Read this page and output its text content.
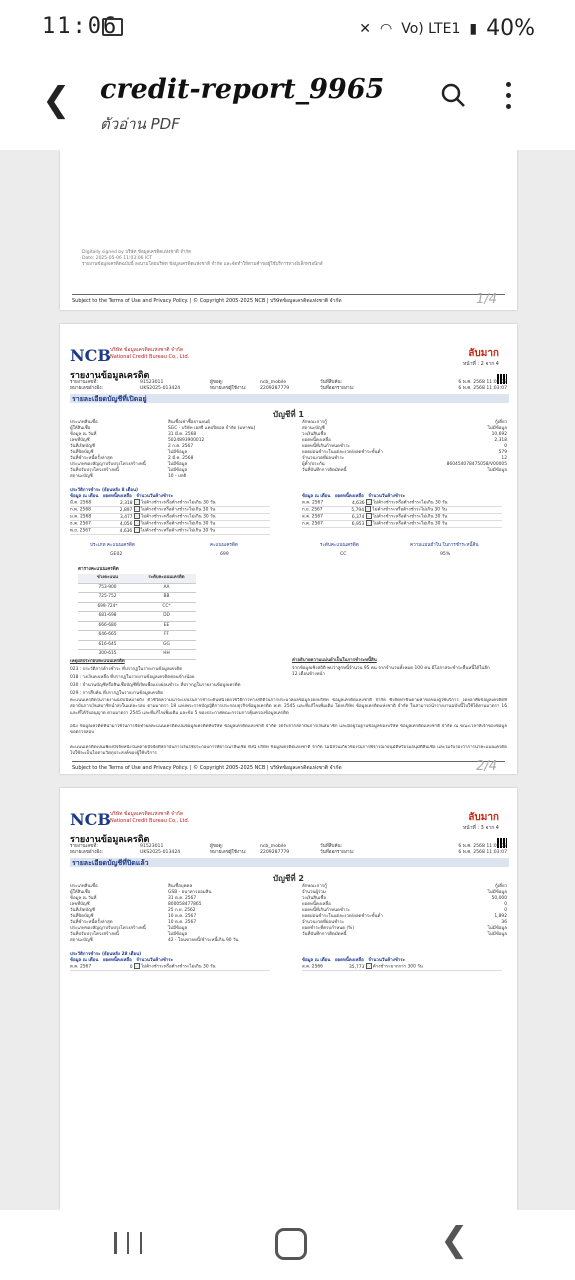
11:06	✕ ◠ Vo) LTE1 ▮ 40%
❮ credit-report_9965
ตัวอ่าน PDF
Digitally signed by บริษัท ข้อมูลเครดิตแห่งชาติ จำกัด
Date: 2025-05-06 11:03:06 ICT
รายงานข้อมูลเครดิตฉบับนี้ ลงนามโดยบริษัท ข้อมูลเครดิตแห่งชาติ จำกัด และจัดทำให้ตามคำขอผู้ใช้บริการทางอิเล็กทรอนิกส์
Subject to the Terms of Use and Privacy Policy. | © Copyright 2005-2025 NCB | บริษัทข้อมูลเครดิตแห่งชาติ จำกัด	1/4
NCB บริษัท ข้อมูลเครดิตแห่งชาติ จำกัด
National Credit Bureau Co., Ltd.	ลับมาก
หน้าที่ : 2 จาก 4
รายงานข้อมูลเครดิต
รายงานเลขที่:	91523011
หมายเลขอ้างอิง:	UKS2025-013424
ผู้ขอดู:	ncb_mobile
หมายเลขผู้ใช้งาน:	2209287779
วันที่สืบค้น:	6 พ.ค. 2568 11:03:07
วันที่ออกรายงาน:	6 พ.ค. 2568 11:03:07
รายละเอียดบัญชีที่เปิดอยู่
บัญชีที่ 1
ประเภทสินเชื่อ	สินเชื่อเช่าซื้อยานยนต์	ลักษณะการกู้	กู้เดี่ยว
ผู้ให้สินเชื่อ	SGC - บริษัท เอสจี แคปปิตอล จำกัด (มหาชน)	สถานะบัญชี	ไม่มีข้อมูล
ข้อมูล ณ วันที่	31 มี.ค. 2568	วงเงินสินเชื่อ	10,692
เลขที่บัญชี	5024893900012	ยอดหนี้คงเหลือ	2,318
วันที่เปิดบัญชี	2 ก.ค. 2567	ยอดหนี้ที่เกินกำหนดชำระ	0
วันที่ปิดบัญชี	ไม่มีข้อมูล	ยอดผ่อนชำระในแต่ละงวด/ยอดชำระขั้นต่ำ	579
วันที่ชำระหนี้ครั้งล่าสุด	2 มี.ค. 2568	จำนวนงวดที่ผ่อนชำระ	12
ประเภทของสัญญาปรับปรุงโครงสร้างหนี้	ไม่มีข้อมูล	ผู้ค้ำ/ประกัน	860454078475058/V00005
วันที่ปรับปรุงโครงสร้างหนี้	ไม่มีข้อมูล	วันที่บันทึกการติดมัดหนี้	ไม่มีข้อมูล
สถานะบัญชี	10 - ปกติ
ประวัติการชำระ (ย้อนหลัง 8 เดือน)
ข้อมูล ณ เดือน ยอดหนี้คงเหลือ จำนวนวันค้างชำระ	ข้อมูล ณ เดือน ยอดหนี้คงเหลือ จำนวนวันค้างชำระ
มี.ค. 2568	2,318 ไม่ค้างชำระหรือค้างชำระไม่เกิน 30 วัน
ก.พ. 2568	2,897 ไม่ค้างชำระหรือค้างชำระไม่เกิน 30 วัน
ม.ค. 2568	3,477 ไม่ค้างชำระหรือค้างชำระไม่เกิน 30 วัน
ธ.ค. 2567	4,056 ไม่ค้างชำระหรือค้างชำระไม่เกิน 30 วัน
พ.ย. 2567	4,636 ไม่ค้างชำระหรือค้างชำระไม่เกิน 30 วัน
ต.ค. 2567	4,636 ไม่ค้างชำระหรือค้างชำระไม่เกิน 30 วัน
ก.ย. 2567	5,794 ไม่ค้างชำระหรือค้างชำระไม่เกิน 30 วัน
ส.ค. 2567	6,374 ไม่ค้างชำระหรือค้างชำระไม่เกิน 30 วัน
ก.ค. 2567	6,953 ไม่ค้างชำระหรือค้างชำระไม่เกิน 30 วัน
ประเภท คะแนนเครดิต	คะแนนเครดิต	ระดับคะแนนเครดิต	ความแม่นยำใน ในการชำระหนี้สิน
GE02	699	CC	95%
ตารางคะแนนเครดิต
ช่วงคะแนน	ระดับคะแนนเครดิต
753-900	AA
725-752	BB
699-724*	CC*
681-698	DD
666-680	EE
646-665	FF
616-645	GG
300-615	HH
เหตุผลประกอบคะแนนเครดิต
023 : ประวัติการค้างชำระ ที่ปรากฏในรายงานข้อมูลเครดิต
018 : วงเงินคงเหลือ ที่ปรากฏในรายงานข้อมูลเครดิตค่อนข้างน้อย
030 : จำนวนบัญชีหรือสินเชื่อบัญชีที่เปิดเพื่อแบ่งผ่อนชำระ ที่ปรากฏในรายงานข้อมูลเครดิต
029 : การสืบค้น ที่ปรากฏในรายงานข้อมูลเครดิต
ค่าอธิบายความแม่นยำเป็นในการชำระหนี้สิน
จากข้อมูลเชิงสถิติ พบว่าลูกหนี้จำนวน 95 คน จากจำนวนทั้งหมด 100 คน มีโอกาสจะชำระคืนหนี้ได้ในอีก 12 เดือนข้างหน้า
คะแนนเครดิตในรายงานฉบับนี้หมายถึง ตัวชี้วัดความน่าจะเป็นในการชำระคืนหนี้โดยใช้วิธีการทางสถิติในการประมวลผลข้อมูลโดยบริษัท ข้อมูลเครดิตแห่งชาติ จำกัด ซึ่งจัดทำขึ้นตามคำขอของผู้ใช้บริการ โดยอาศัยข้อมูลเครดิตที่สถาบันการเงินสมาชิกนำส่งในแต่ละรอบ ตามมาตรา 18 แห่งพระราชบัญญัติการประกอบธุรกิจข้อมูลเครดิต พ.ศ. 2545 และที่แก้ไขเพิ่มเติม โดยบริษัท ข้อมูลเครดิตแห่งชาติ จำกัด ในสามารถนำรายงานฉบับนี้ไปใช้ได้ตามมาตรา 16 และที่ได้รับอนุญาต ตามมาตรา 2545 และที่แก้ไขเพิ่มเติม และข้อ 5 ของประกาศคณะกรรมการคุ้มครองข้อมูลเครดิต
อนึ่ง ข้อมูลเครดิตที่นำมาใช้ในการจัดทำผลคะแนนเครดิตเป็นข้อมูลเครดิตที่บริษัท ข้อมูลเครดิตแห่งชาติ จำกัด ได้รับจากสถาบันการเงินสมาชิก และมีอยู่ในฐานข้อมูลของบริษัท ข้อมูลเครดิตแห่งชาติ จำกัด ณ ขณะเวลาที่เจ้าของข้อมูลขอตรวจสอบ
คะแนนเครดิตเป็นเพียงปัจจัยหนึ่งในหลายปัจจัยที่สถาบันการเงินใช้ประกอบการพิจารณาสินเชื่อ ทั้งนี้ บริษัท ข้อมูลเครดิตแห่งชาติ จำกัด ไม่มีส่วนเกี่ยวข้องในการพิจารณาอนุมัติหรือไม่อนุมัติสินเชื่อ และไม่รับรองว่าการนำคะแนนเครดิตไปใช้จะเป็นไปตามวัตถุประสงค์ของผู้ใช้บริการ
Subject to the Terms of Use and Privacy Policy. | © Copyright 2005-2025 NCB | บริษัทข้อมูลเครดิตแห่งชาติ จำกัด	2/4
NCB บริษัท ข้อมูลเครดิตแห่งชาติ จำกัด
National Credit Bureau Co., Ltd.	ลับมาก
หน้าที่ : 3 จาก 4
รายงานข้อมูลเครดิต
รายงานเลขที่:	91523011
หมายเลขอ้างอิง:	UKS2025-013424
ผู้ขอดู:	ncb_mobile
หมายเลขผู้ใช้งาน:	2209287779
วันที่สืบค้น:	6 พ.ค. 2568 11:03:07
วันที่ออกรายงาน:	6 พ.ค. 2568 11:03:07
รายละเอียดบัญชีที่ปิดแล้ว
บัญชีที่ 2
ประเภทสินเชื่อ	สินเชื่อบุคคล	ลักษณะการกู้	กู้เดี่ยว
ผู้ให้สินเชื่อ	GSB - ธนาคารออมสิน	จำนวนผู้ร่วม	ไม่มีข้อมูล
ข้อมูล ณ วันที่	31 ต.ค. 2567	วงเงินสินเชื่อ	50,000
เลขที่บัญชี	800058477865	ยอดหนี้คงเหลือ	0
วันที่เปิดบัญชี	25 ก.ย. 2562	ยอดหนี้ที่เกินกำหนดชำระ	0
วันที่ปิดบัญชี	10 ต.ค. 2567	ยอดผ่อนชำระในแต่ละงวด/ยอดชำระขั้นต่ำ	1,892
วันที่ชำระหนี้ครั้งล่าสุด	10 ต.ค. 2567	จำนวนงวดที่ผ่อนชำระ	36
ประเภทของสัญญาปรับปรุงโครงสร้างหนี้	ไม่มีข้อมูล	ยอดชำระที่ครบกำหนด (%)	ไม่มีข้อมูล
วันที่ปรับปรุงโครงสร้างหนี้	ไม่มีข้อมูล	วันที่บันทึกการติดมัดหนี้	ไม่มีข้อมูล
สถานะบัญชี	42 - โอนขายหนี้/ชำระหนี้เกิน 90 วัน
ประวัติการชำระ (ย้อนหลัง 28 เดือน)
ข้อมูล ณ เดือน ยอดหนี้คงเหลือ จำนวนวันค้างชำระ	ข้อมูล ณ เดือน ยอดหนี้คงเหลือ จำนวนวันค้างชำระ
ต.ค. 2567	0 ไม่ค้างชำระหรือค้างชำระไม่เกิน 30 วัน	ส.ค. 2566	35,773 ค้างชำระมากกว่า 300 วัน
❮
